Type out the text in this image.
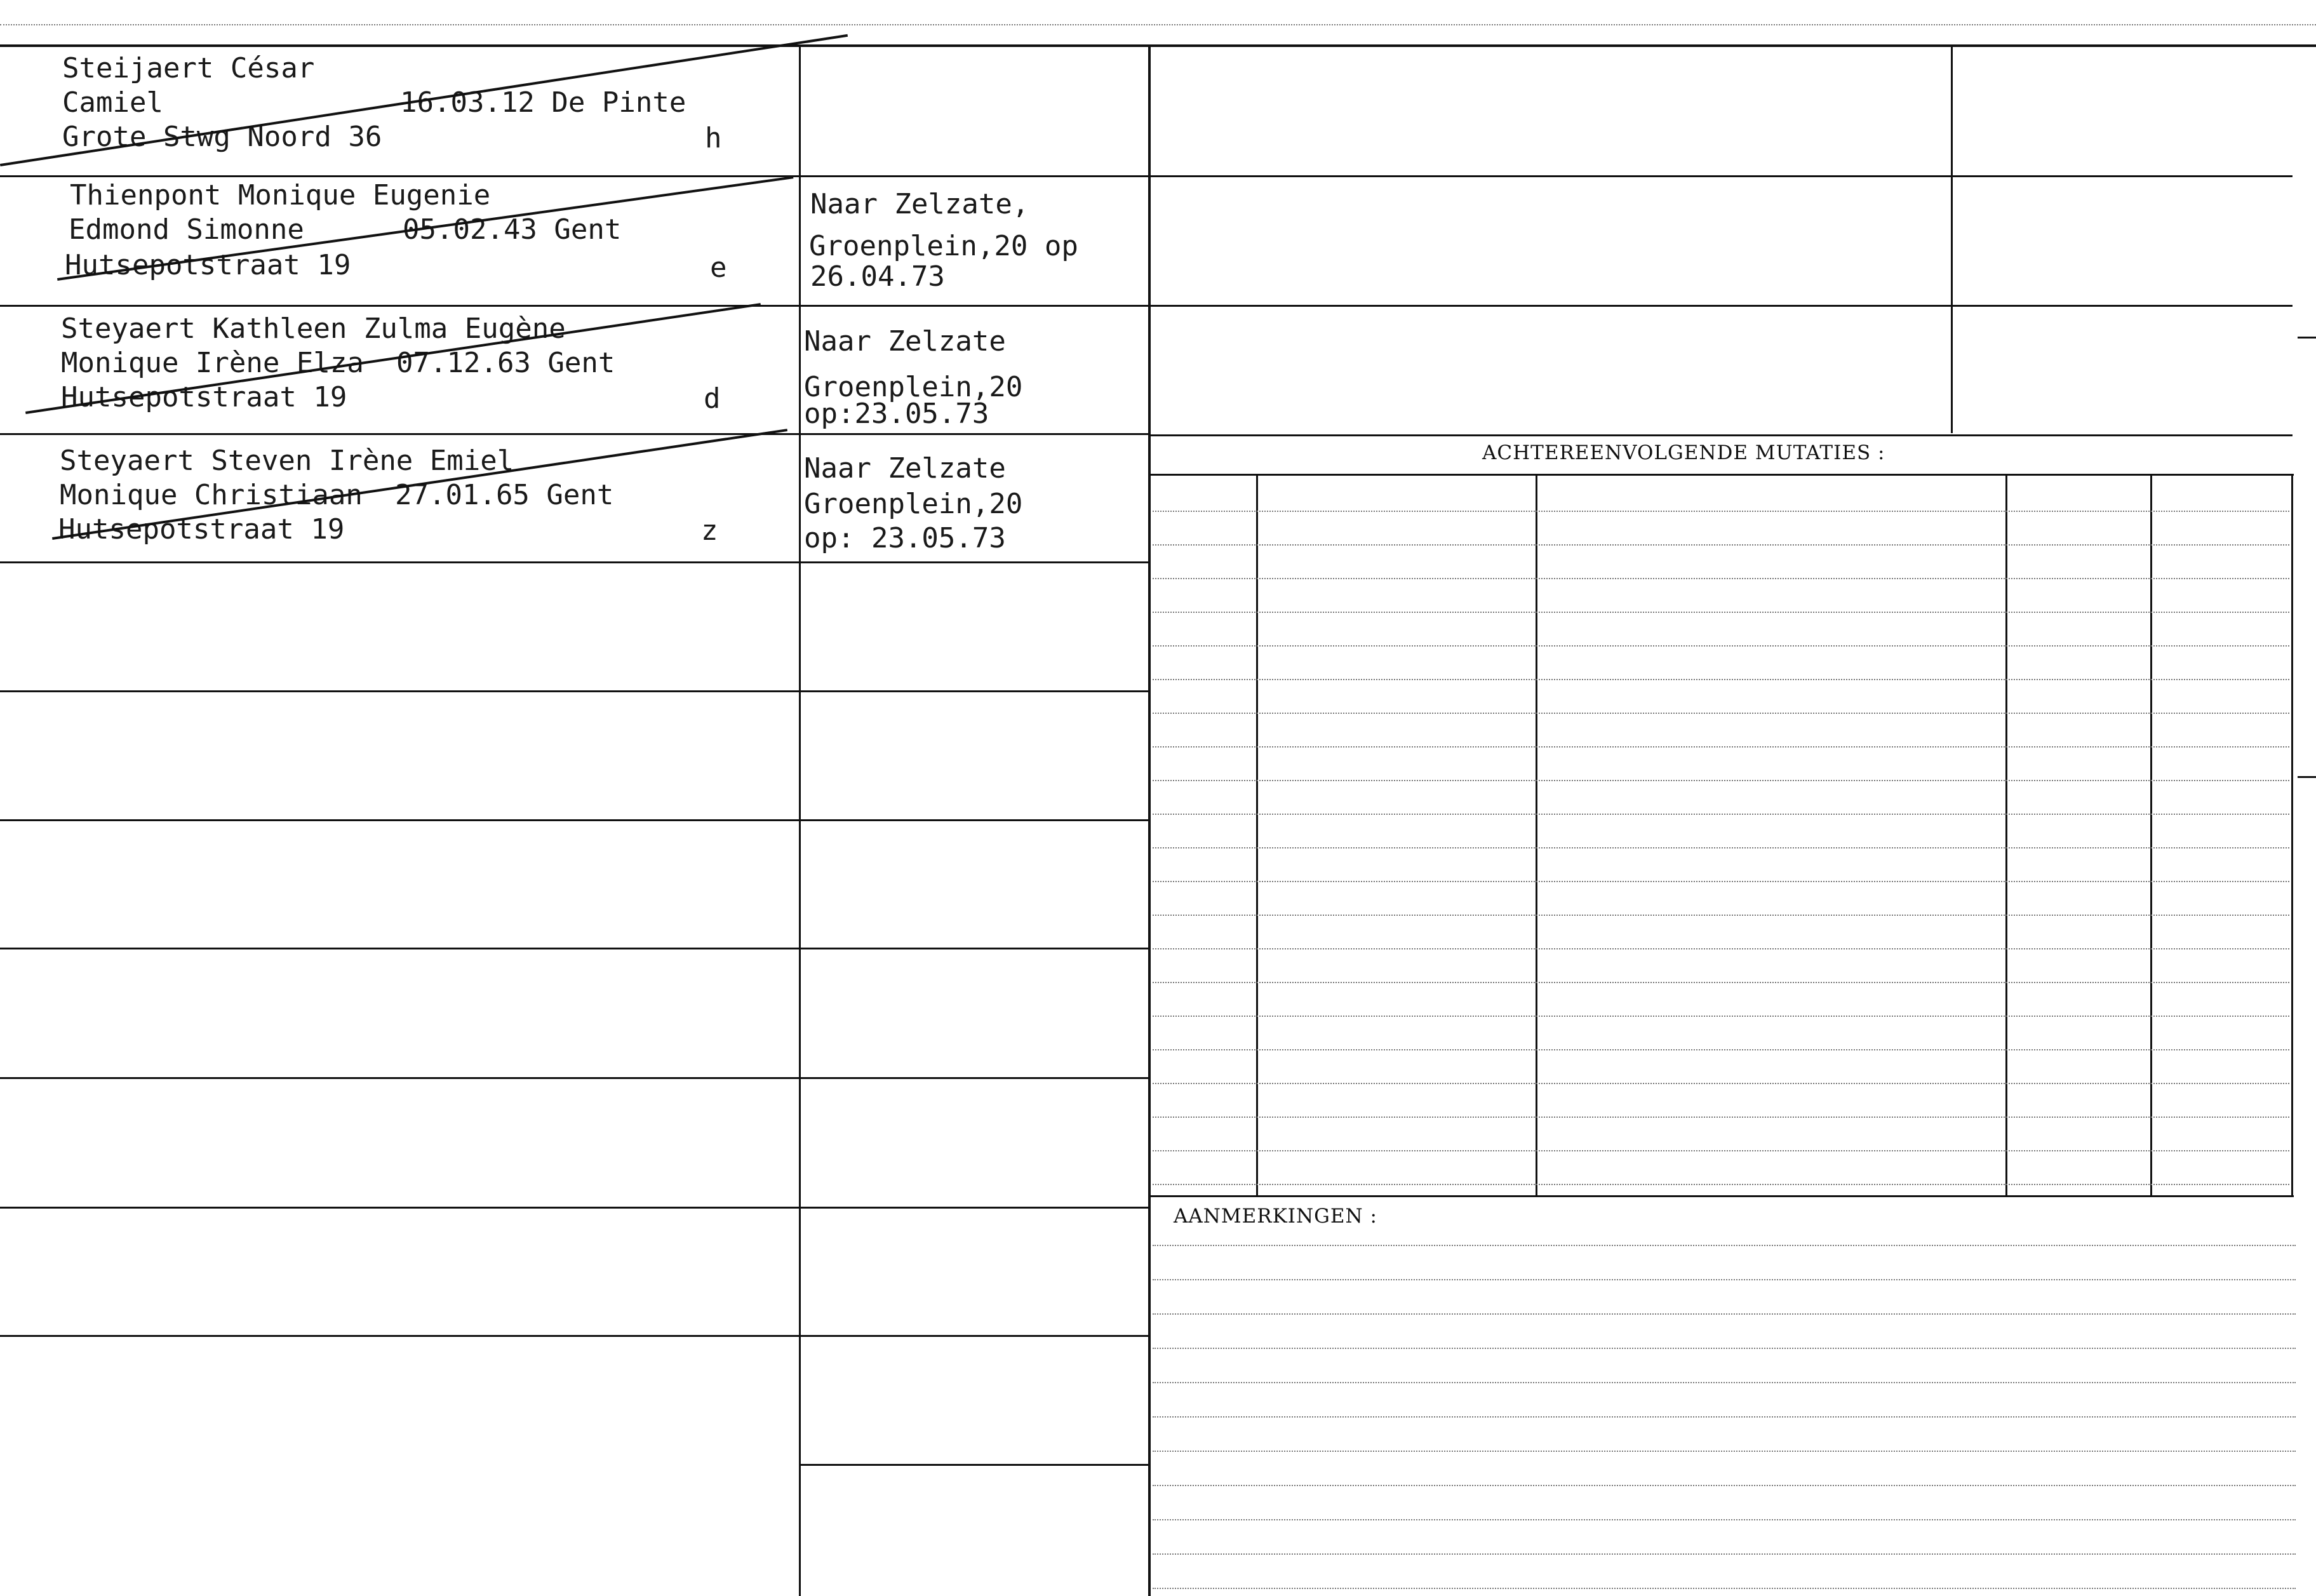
ACHTEREENVOLGENDE MUTATIES :
AANMERKINGEN :
Steijaert César
Camiel	16.03.12 De Pinte
Grote Stwg Noord 36	h
Thienpont Monique Eugenie
Edmond Simonne	05.02.43 Gent
Hutsepotstraat 19	e
Naar Zelzate,
Groenplein,20 op
26.04.73
Steyaert Kathleen Zulma Eugène
Monique Irène Elza 07.12.63 Gent
Hutsepotstraat 19	d
Naar Zelzate
Groenplein,20
op:23.05.73
Steyaert Steven Irène Emiel
Monique Christiaan 27.01.65 Gent
Hutsepotstraat 19	z
Naar Zelzate
Groenplein,20
op: 23.05.73
